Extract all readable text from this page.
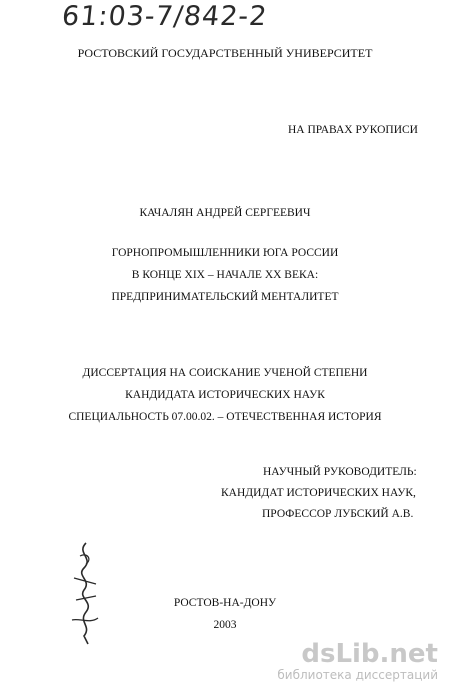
61:03-7/842-2
РОСТОВСКИЙ ГОСУДАРСТВЕННЫЙ УНИВЕРСИТЕТ
НА ПРАВАХ РУКОПИСИ
КАЧАЛЯН АНДРЕЙ СЕРГЕЕВИЧ
ГОРНОПРОМЫШЛЕННИКИ ЮГА РОССИИ
В КОНЦЕ XIX – НАЧАЛЕ XX ВЕКА:
ПРЕДПРИНИМАТЕЛЬСКИЙ МЕНТАЛИТЕТ
ДИССЕРТАЦИЯ НА СОИСКАНИЕ УЧЕНОЙ СТЕПЕНИ
КАНДИДАТА ИСТОРИЧЕСКИХ НАУК
СПЕЦИАЛЬНОСТЬ 07.00.02. – ОТЕЧЕСТВЕННАЯ ИСТОРИЯ
НАУЧНЫЙ РУКОВОДИТЕЛЬ:
КАНДИДАТ ИСТОРИЧЕСКИХ НАУК,
ПРОФЕССОР ЛУБСКИЙ А.В.
РОСТОВ-НА-ДОНУ
2003
dsLib.net
библиотека диссертаций
